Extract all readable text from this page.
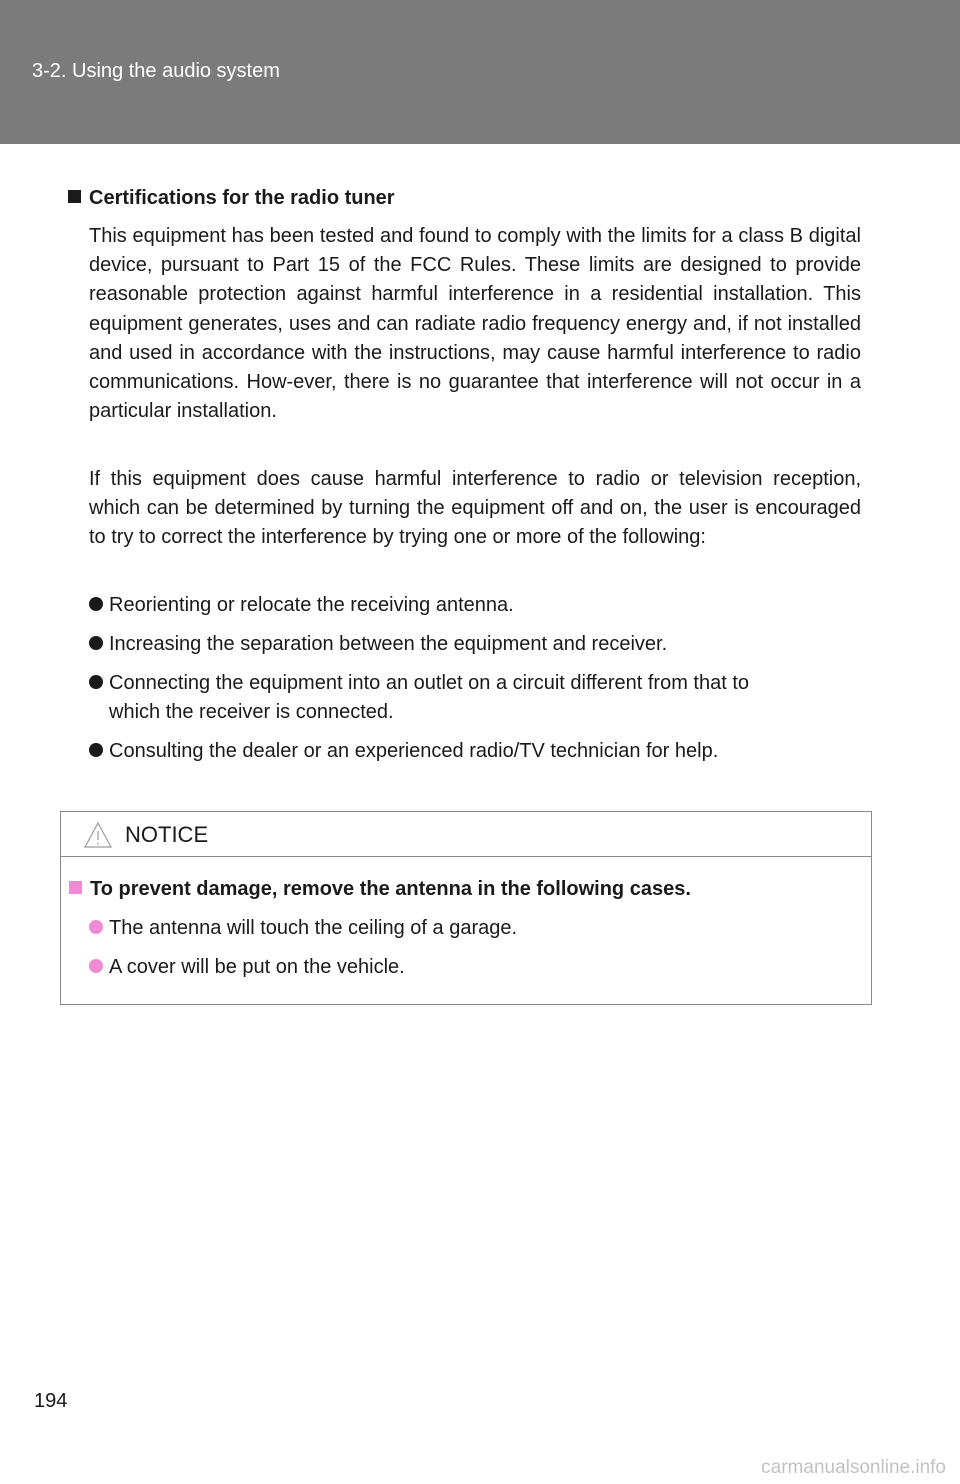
3-2. Using the audio system
Certifications for the radio tuner
This equipment has been tested and found to comply with the limits for a class B digital device, pursuant to Part 15 of the FCC Rules. These limits are designed to provide reasonable protection against harmful interference in a residential installation. This equipment generates, uses and can radiate radio frequency energy and, if not installed and used in accordance with the instructions, may cause harmful interference to radio communications. How-ever, there is no guarantee that interference will not occur in a particular installation.
If this equipment does cause harmful interference to radio or television reception, which can be determined by turning the equipment off and on, the user is encouraged to try to correct the interference by trying one or more of the following:
Reorienting or relocate the receiving antenna.
Increasing the separation between the equipment and receiver.
Connecting the equipment into an outlet on a circuit different from that to
which the receiver is connected.
Consulting the dealer or an experienced radio/TV technician for help.
NOTICE
To prevent damage, remove the antenna in the following cases.
The antenna will touch the ceiling of a garage.
A cover will be put on the vehicle.
194
carmanualsonline.info
